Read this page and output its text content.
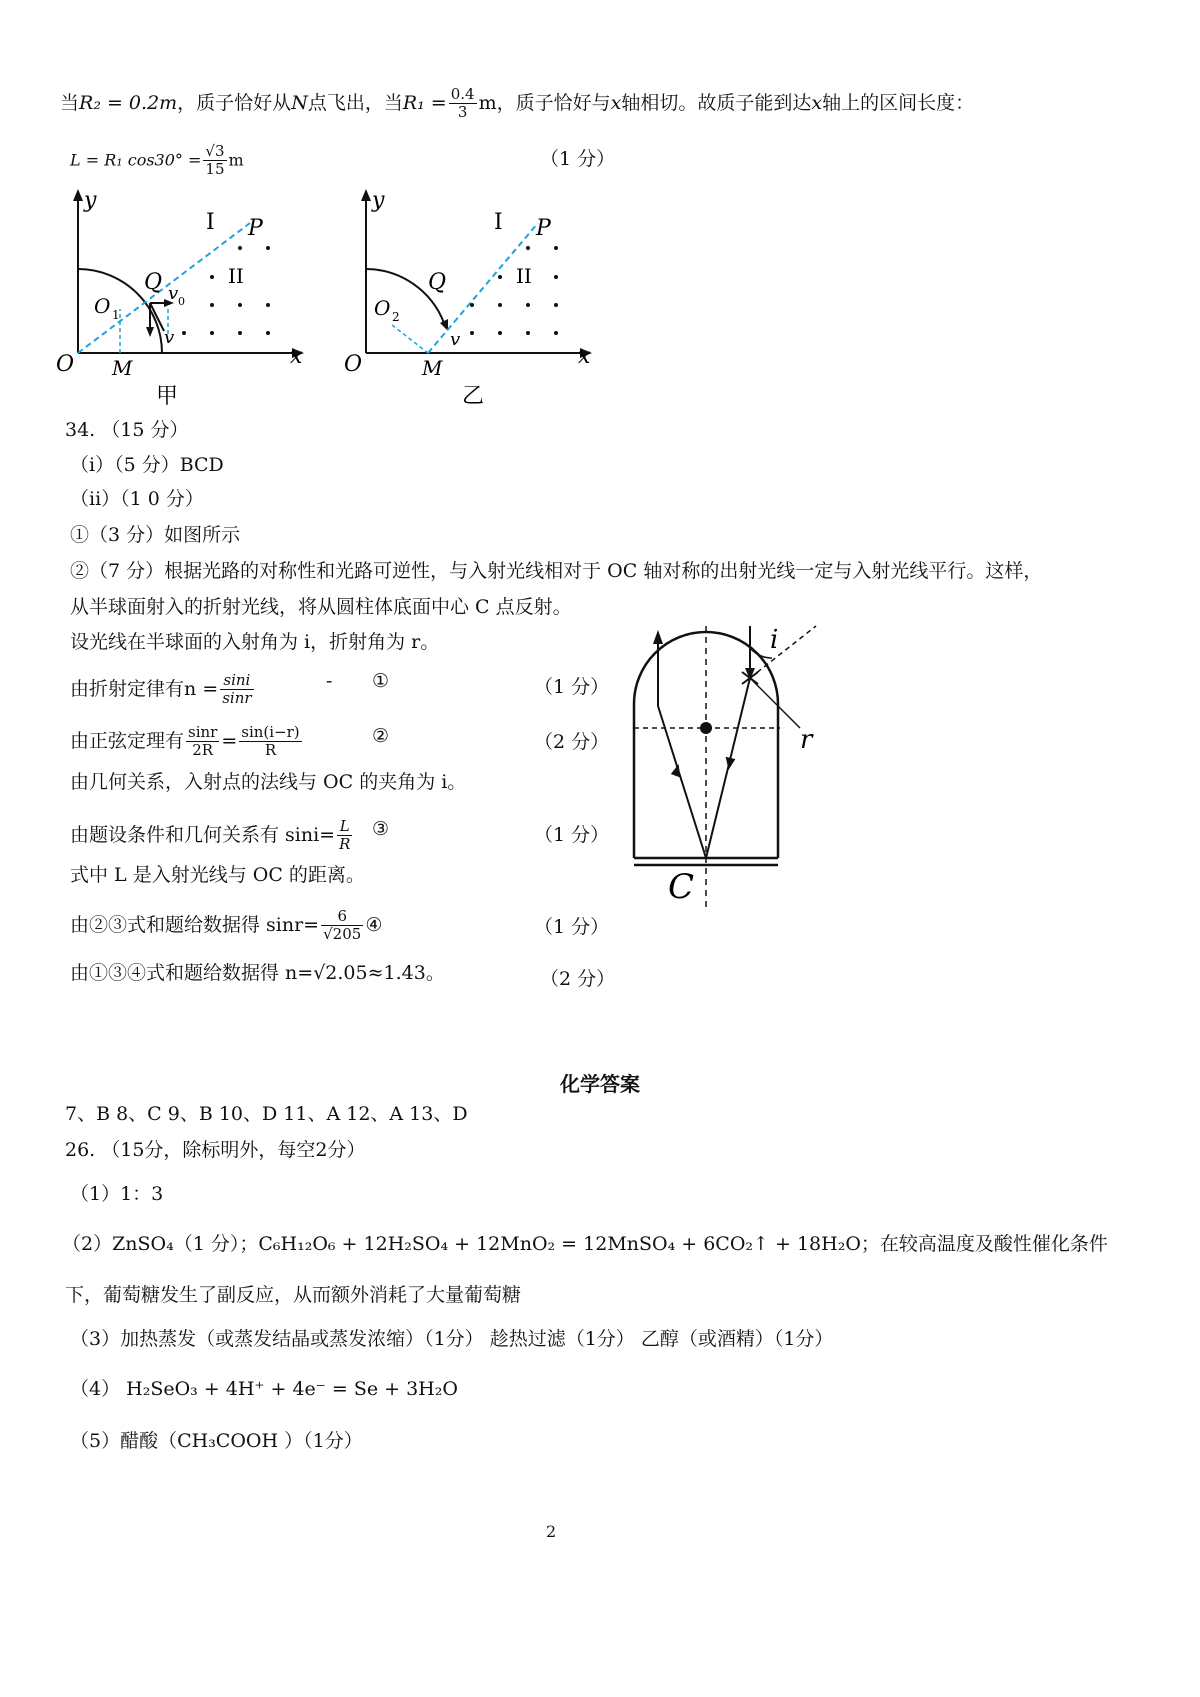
当R₂ = 0.2m，质子恰好从N点飞出，当$R_1 = \frac{0.4}{3}$ m，质子恰好与x轴相切。故质子能到达x轴上的区间长度：
L = R₁ $\cos 30^\circ = \frac{√3}{15}$ m	（1 分）
y
x
O M
Q
P
I
II
O 1
v 0
v
甲
y
x
O	M
Q
P
I
II
O 2
v
乙
34. （15 分）
（i）（5 分）BCD
（ii）（1 0 分）
①（3 分）如图所示
②（7 分）根据光路的对称性和光路可逆性，与入射光线相对于 OC 轴对称的出射光线一定与入射光线平行。这样，
从半球面射入的折射光线，将从圆柱体底面中心 C 点反射。
设光线在半球面的入射角为 i，折射角为 r。
由折射定律有$n = \frac{\sin i}{\sin r}$	- ①	（1 分）
由正弦定理有 $\frac{\sin r}{2R} = \frac{\sin(i-r)}{R}$	②	（2 分）
由几何关系，入射点的法线与 OC 的夹角为 i。
由题设条件和几何关系有 $\sin i= \frac{L}{R}$ ③	（1 分）
式中 L 是入射光线与 OC 的距离。
由②③式和题给数据得 $\sin r= \frac{6}{√205}$ ④	（1 分）
由①③④式和题给数据得 n=√2.05≈1.43。	（2 分）
i
r
C
化学答案
7、B 8、C 9、B 10、D 11、A 12、A 13、D
26. （15分，除标明外，每空2分）
（1）1：3
（2）ZnSO₄（1 分）；C₆H₁₂O₆ + 12H₂SO₄ + 12MnO₂ = 12MnSO₄ + 6CO₂↑ + 18H₂O；在较高温度及酸性催化条件
下，葡萄糖发生了副反应，从而额外消耗了大量葡萄糖
（3）加热蒸发（或蒸发结晶或蒸发浓缩）（1分） 趁热过滤（1分） 乙醇（或酒精）（1分）
（4） H₂SeO₃ + 4H⁺ + 4e⁻ = Se + 3H₂O
（5）醋酸（CH₃COOH ）（1分）
2
